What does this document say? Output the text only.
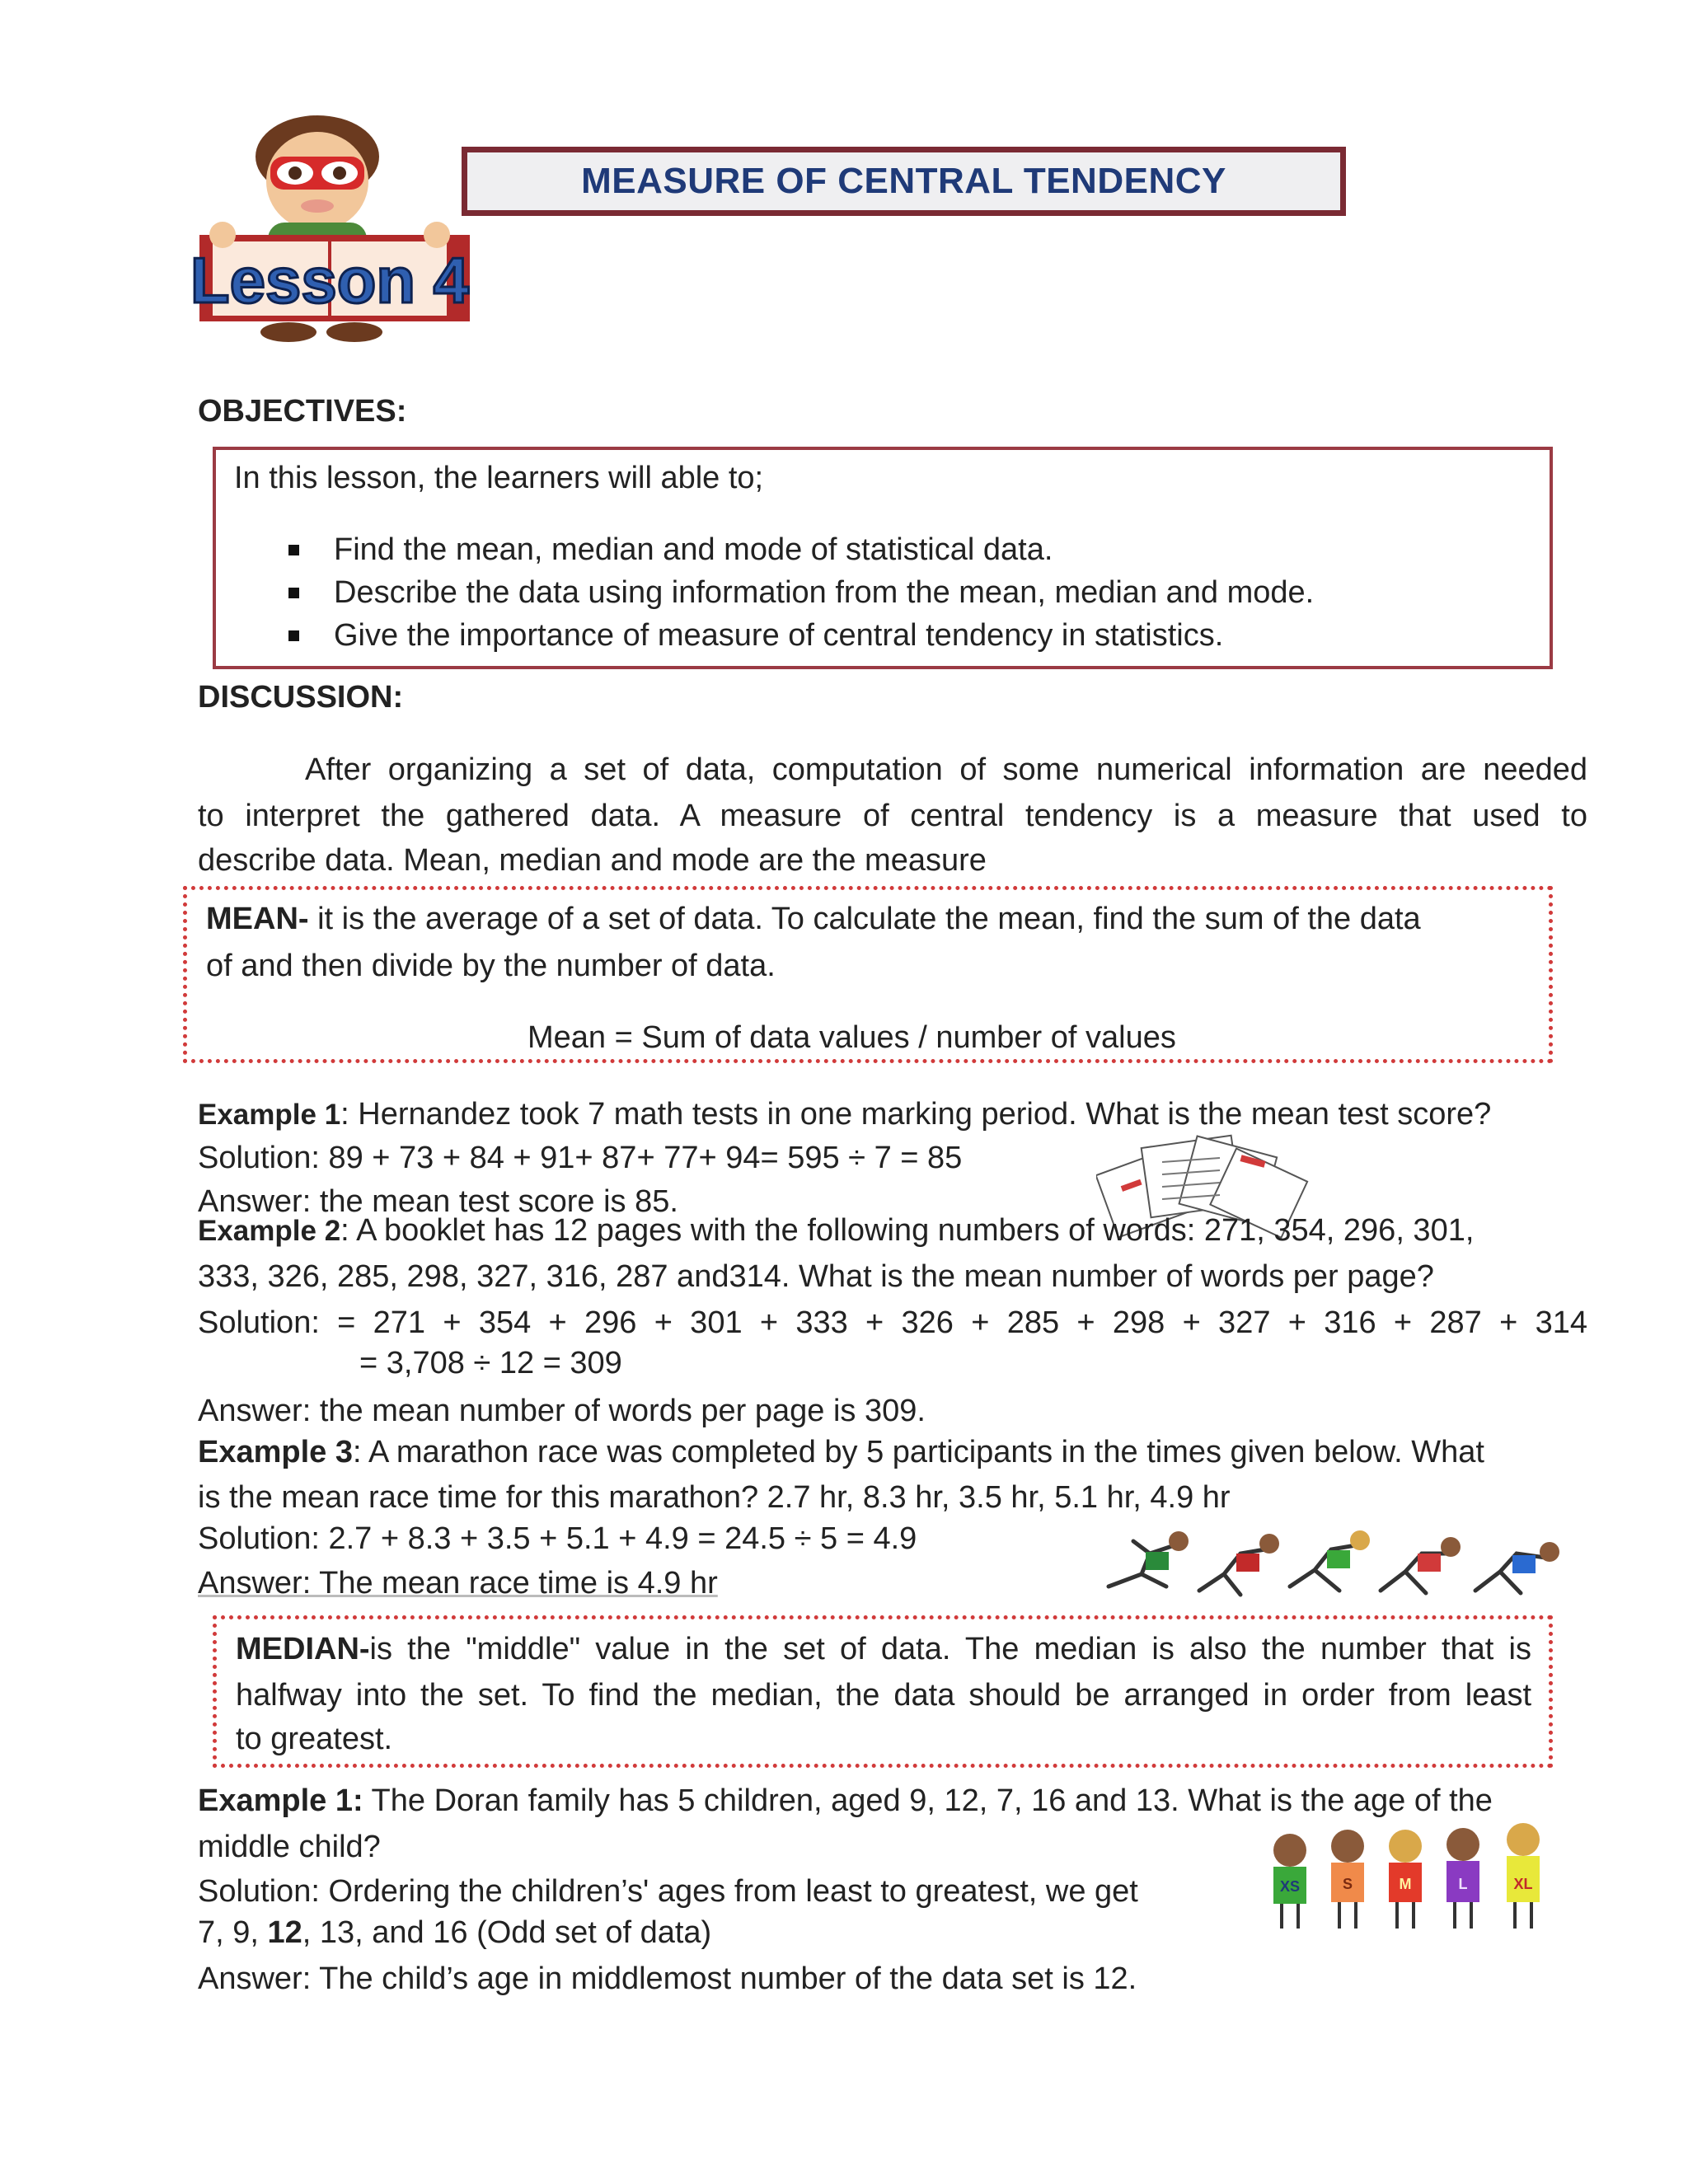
Lesson 4
MEASURE OF CENTRAL TENDENCY
OBJECTIVES:
In this lesson, the learners will able to;
Find the mean, median and mode of statistical data.
Describe the data using information from the mean, median and mode.
Give the importance of measure of central tendency in statistics.
DISCUSSION:
After organizing a set of data, computation of some numerical information are needed
to interpret the gathered data. A measure of central tendency is a measure that used to
describe data. Mean, median and mode are the measure
MEAN- it is the average of a set of data. To calculate the mean, find the sum of the data
of and then divide by the number of data.
Mean = Sum of data values / number of values
Example 1: Hernandez took 7 math tests in one marking period. What is the mean test score?
Solution: 89 + 73 + 84 + 91+ 87+ 77+ 94= 595 ÷ 7 = 85
Answer: the mean test score is 85.
Example 2: A booklet has 12 pages with the following numbers of words: 271, 354, 296, 301,
333, 326, 285, 298, 327, 316, 287 and314. What is the mean number of words per page?
Solution: = 271 + 354 + 296 + 301 + 333 + 326 + 285 + 298 + 327 + 316 + 287 + 314
= 3,708 ÷ 12 = 309
Answer: the mean number of words per page is 309.
Example 3: A marathon race was completed by 5 participants in the times given below. What
is the mean race time for this marathon? 2.7 hr, 8.3 hr, 3.5 hr, 5.1 hr, 4.9 hr
Solution: 2.7 + 8.3 + 3.5 + 5.1 + 4.9 = 24.5 ÷ 5 = 4.9
Answer: The mean race time is 4.9 hr
MEDIAN-is the "middle" value in the set of data. The median is also the number that is
halfway into the set. To find the median, the data should be arranged in order from least
to greatest.
Example 1: The Doran family has 5 children, aged 9, 12, 7, 16 and 13. What is the age of the
middle child?
Solution: Ordering the children’s' ages from least to greatest, we get
7, 9, 12, 13, and 16 (Odd set of data)
Answer: The child’s age in middlemost number of the data set is 12.
XS	S	M	L	XL
